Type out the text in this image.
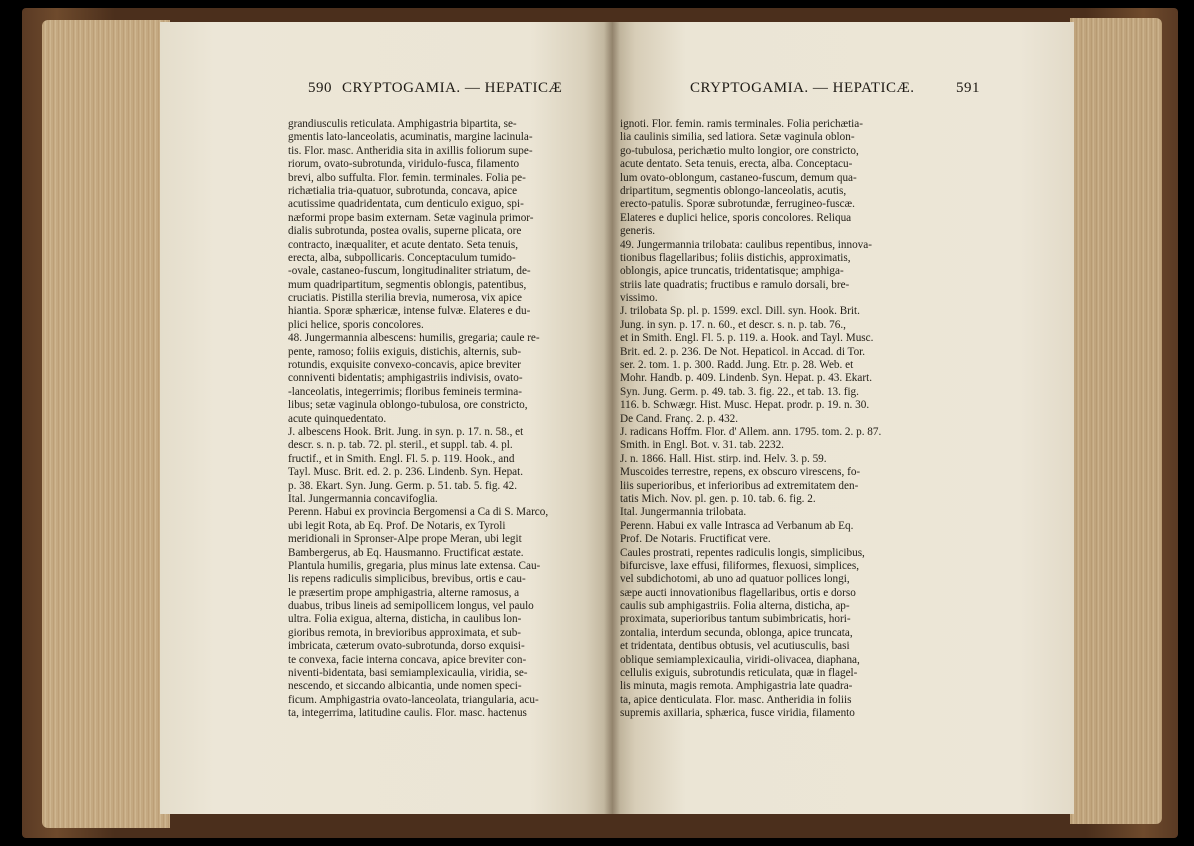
590 CRYPTOGAMIA. — HEPATICÆ
grandiusculis reticulata. Amphigastria bipartita, se-
gmentis lato-lanceolatis, acuminatis, margine lacinula-
tis. Flor. masc. Antheridia sita in axillis foliorum supe-
riorum, ovato-subrotunda, viridulo-fusca, filamento
brevi, albo suffulta. Flor. femin. terminales. Folia pe-
richætialia tria-quatuor, subrotunda, concava, apice
acutissime quadridentata, cum denticulo exiguo, spi-
næformi prope basim externam. Setæ vaginula primor-
dialis subrotunda, postea ovalis, superne plicata, ore
contracto, inæqualiter, et acute dentato. Seta tenuis,
erecta, alba, subpollicaris. Conceptaculum tumido-
-ovale, castaneo-fuscum, longitudinaliter striatum, de-
mum quadripartitum, segmentis oblongis, patentibus,
cruciatis. Pistilla sterilia brevia, numerosa, vix apice
hiantia. Sporæ sphæricæ, intense fulvæ. Elateres e du-
plici helice, sporis concolores.
48. Jungermannia albescens: humilis, gregaria; caule re-
pente, ramoso; foliis exiguis, distichis, alternis, sub-
rotundis, exquisite convexo-concavis, apice breviter
conniventi bidentatis; amphigastriis indivisis, ovato-
-lanceolatis, integerrimis; floribus femineis termina-
libus; setæ vaginula oblongo-tubulosa, ore constricto,
acute quinquedentato.
J. albescens Hook. Brit. Jung. in syn. p. 17. n. 58., et
descr. s. n. p. tab. 72. pl. steril., et suppl. tab. 4. pl.
fructif., et in Smith. Engl. Fl. 5. p. 119. Hook., and
Tayl. Musc. Brit. ed. 2. p. 236. Lindenb. Syn. Hepat.
p. 38. Ekart. Syn. Jung. Germ. p. 51. tab. 5. fig. 42.
Ital. Jungermannia concavifoglia.
Perenn. Habui ex provincia Bergomensi a Ca di S. Marco,
ubi legit Rota, ab Eq. Prof. De Notaris, ex Tyroli
meridionali in Spronser-Alpe prope Meran, ubi legit
Bambergerus, ab Eq. Hausmanno. Fructificat æstate.
Plantula humilis, gregaria, plus minus late extensa. Cau-
lis repens radiculis simplicibus, brevibus, ortis e cau-
le præsertim prope amphigastria, alterne ramosus, a
duabus, tribus lineis ad semipollicem longus, vel paulo
ultra. Folia exigua, alterna, disticha, in caulibus lon-
gioribus remota, in brevioribus approximata, et sub-
imbricata, cæterum ovato-subrotunda, dorso exquisi-
te convexa, facie interna concava, apice breviter con-
niventi-bidentata, basi semiamplexicaulia, viridia, se-
nescendo, et siccando albicantia, unde nomen speci-
ficum. Amphigastria ovato-lanceolata, triangularia, acu-
ta, integerrima, latitudine caulis. Flor. masc. hactenus
CRYPTOGAMIA. — HEPATICÆ.	591
ignoti. Flor. femin. ramis terminales. Folia perichætia-
lia caulinis similia, sed latiora. Setæ vaginula oblon-
go-tubulosa, perichætio multo longior, ore constricto,
acute dentato. Seta tenuis, erecta, alba. Conceptacu-
lum ovato-oblongum, castaneo-fuscum, demum qua-
dripartitum, segmentis oblongo-lanceolatis, acutis,
erecto-patulis. Sporæ subrotundæ, ferrugineo-fuscæ.
Elateres e duplici helice, sporis concolores. Reliqua
generis.
49. Jungermannia trilobata: caulibus repentibus, innova-
tionibus flagellaribus; foliis distichis, approximatis,
oblongis, apice truncatis, tridentatisque; amphiga-
striis late quadratis; fructibus e ramulo dorsali, bre-
vissimo.
J. trilobata Sp. pl. p. 1599. excl. Dill. syn. Hook. Brit.
Jung. in syn. p. 17. n. 60., et descr. s. n. p. tab. 76.,
et in Smith. Engl. Fl. 5. p. 119. a. Hook. and Tayl. Musc.
Brit. ed. 2. p. 236. De Not. Hepaticol. in Accad. di Tor.
ser. 2. tom. 1. p. 300. Radd. Jung. Etr. p. 28. Web. et
Mohr. Handb. p. 409. Lindenb. Syn. Hepat. p. 43. Ekart.
Syn. Jung. Germ. p. 49. tab. 3. fig. 22., et tab. 13. fig.
116. b. Schwægr. Hist. Musc. Hepat. prodr. p. 19. n. 30.
De Cand. Franç. 2. p. 432.
J. radicans Hoffm. Flor. d' Allem. ann. 1795. tom. 2. p. 87.
Smith. in Engl. Bot. v. 31. tab. 2232.
J. n. 1866. Hall. Hist. stirp. ind. Helv. 3. p. 59.
Muscoides terrestre, repens, ex obscuro virescens, fo-
liis superioribus, et inferioribus ad extremitatem den-
tatis Mich. Nov. pl. gen. p. 10. tab. 6. fig. 2.
Ital. Jungermannia trilobata.
Perenn. Habui ex valle Intrasca ad Verbanum ab Eq.
Prof. De Notaris. Fructificat vere.
Caules prostrati, repentes radiculis longis, simplicibus,
bifurcisve, laxe effusi, filiformes, flexuosi, simplices,
vel subdichotomi, ab uno ad quatuor pollices longi,
sæpe aucti innovationibus flagellaribus, ortis e dorso
caulis sub amphigastriis. Folia alterna, disticha, ap-
proximata, superioribus tantum subimbricatis, hori-
zontalia, interdum secunda, oblonga, apice truncata,
et tridentata, dentibus obtusis, vel acutiusculis, basi
oblique semiamplexicaulia, viridi-olivacea, diaphana,
cellulis exiguis, subrotundis reticulata, quæ in flagel-
lis minuta, magis remota. Amphigastria late quadra-
ta, apice denticulata. Flor. masc. Antheridia in foliis
supremis axillaria, sphærica, fusce viridia, filamento
